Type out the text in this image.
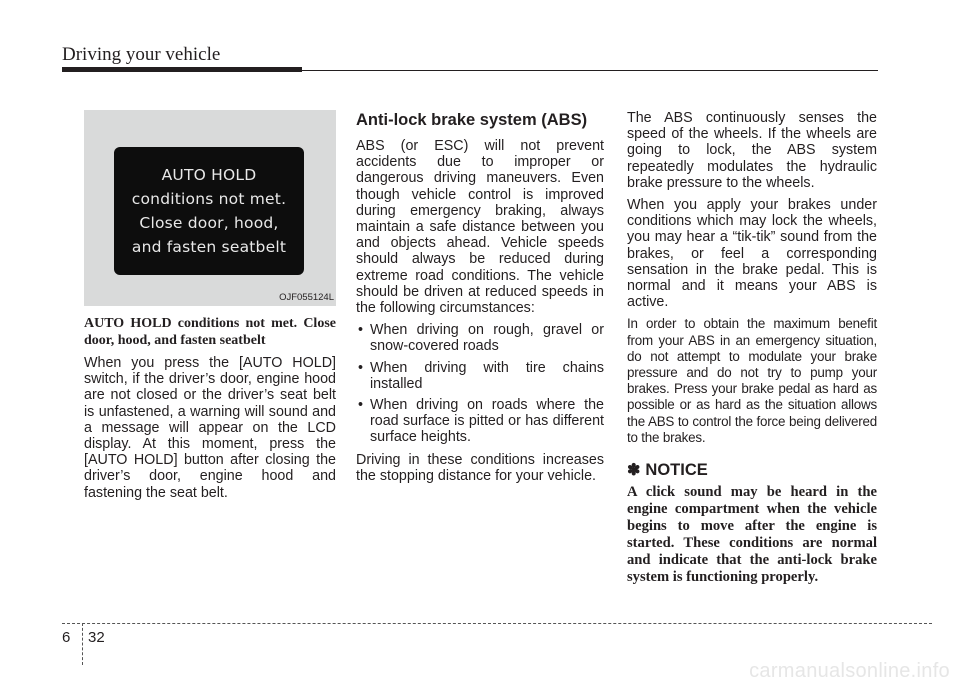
Driving your vehicle

AUTO HOLD conditions not met. Close door, hood, and fasten seatbelt

OJF055124L

AUTO HOLD conditions not met. Close door, hood, and fasten seatbelt

When you press the [AUTO HOLD] switch, if the driver’s door, engine hood are not closed or the driver’s seat belt is unfastened, a warning will sound and a message will appear on the LCD display. At this moment, press the [AUTO HOLD] button after closing the driver’s door, engine hood and fastening the seat belt.

Anti-lock brake system (ABS)

ABS (or ESC) will not prevent accidents due to improper or dangerous driving maneuvers. Even though vehicle control is improved during emergency braking, always maintain a safe distance between you and objects ahead. Vehicle speeds should always be reduced during extreme road conditions. The vehicle should be driven at reduced speeds in the following circumstances:

• When driving on rough, gravel or snow-covered roads
• When driving with tire chains installed
• When driving on roads where the road surface is pitted or has different surface heights.

Driving in these conditions increases the stopping distance for your vehicle.

The ABS continuously senses the speed of the wheels. If the wheels are going to lock, the ABS system repeatedly modulates the hydraulic brake pressure to the wheels.

When you apply your brakes under conditions which may lock the wheels, you may hear a “tik-tik” sound from the brakes, or feel a corresponding sensation in the brake pedal. This is normal and it means your ABS is active.

In order to obtain the maximum benefit from your ABS in an emergency situation, do not attempt to modulate your brake pressure and do not try to pump your brakes. Press your brake pedal as hard as possible or as hard as the situation allows the ABS to control the force being delivered to the brakes.

✽ NOTICE

A click sound may be heard in the engine compartment when the vehicle begins to move after the engine is started. These conditions are normal and indicate that the anti-lock brake system is functioning properly.

6 32
carmanualsonline.info
